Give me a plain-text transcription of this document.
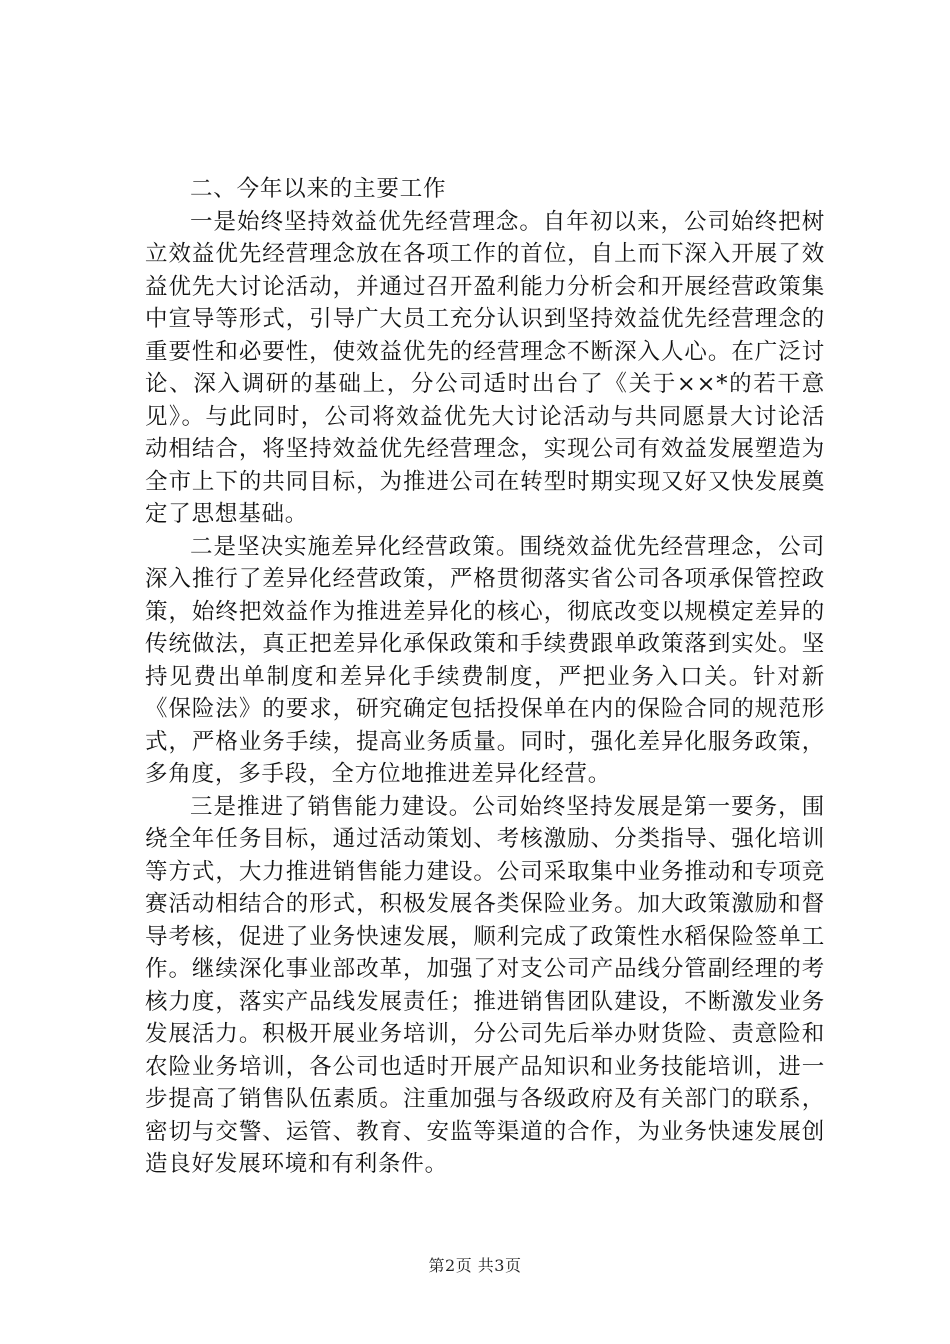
二、今年以来的主要工作

一是始终坚持效益优先经营理念。自年初以来，公司始终把树立效益优先经营理念放在各项工作的首位，自上而下深入开展了效益优先大讨论活动，并通过召开盈利能力分析会和开展经营政策集中宣导等形式，引导广大员工充分认识到坚持效益优先经营理念的重要性和必要性，使效益优先的经营理念不断深入人心。在广泛讨论、深入调研的基础上，分公司适时出台了《关于××*的若干意见》。与此同时，公司将效益优先大讨论活动与共同愿景大讨论活动相结合，将坚持效益优先经营理念，实现公司有效益发展塑造为全市上下的共同目标，为推进公司在转型时期实现又好又快发展奠定了思想基础。

二是坚决实施差异化经营政策。围绕效益优先经营理念，公司深入推行了差异化经营政策，严格贯彻落实省公司各项承保管控政策，始终把效益作为推进差异化的核心，彻底改变以规模定差异的传统做法，真正把差异化承保政策和手续费跟单政策落到实处。坚持见费出单制度和差异化手续费制度，严把业务入口关。针对新《保险法》的要求，研究确定包括投保单在内的保险合同的规范形式，严格业务手续，提高业务质量。同时，强化差异化服务政策，多角度，多手段，全方位地推进差异化经营。

三是推进了销售能力建设。公司始终坚持发展是第一要务，围绕全年任务目标，通过活动策划、考核激励、分类指导、强化培训等方式，大力推进销售能力建设。公司采取集中业务推动和专项竞赛活动相结合的形式，积极发展各类保险业务。加大政策激励和督导考核，促进了业务快速发展，顺利完成了政策性水稻保险签单工作。继续深化事业部改革，加强了对支公司产品线分管副经理的考核力度，落实产品线发展责任；推进销售团队建设，不断激发业务发展活力。积极开展业务培训，分公司先后举办财货险、责意险和农险业务培训，各公司也适时开展产品知识和业务技能培训，进一步提高了销售队伍素质。注重加强与各级政府及有关部门的联系，密切与交警、运管、教育、安监等渠道的合作，为业务快速发展创造良好发展环境和有利条件。

第2页 共3页
